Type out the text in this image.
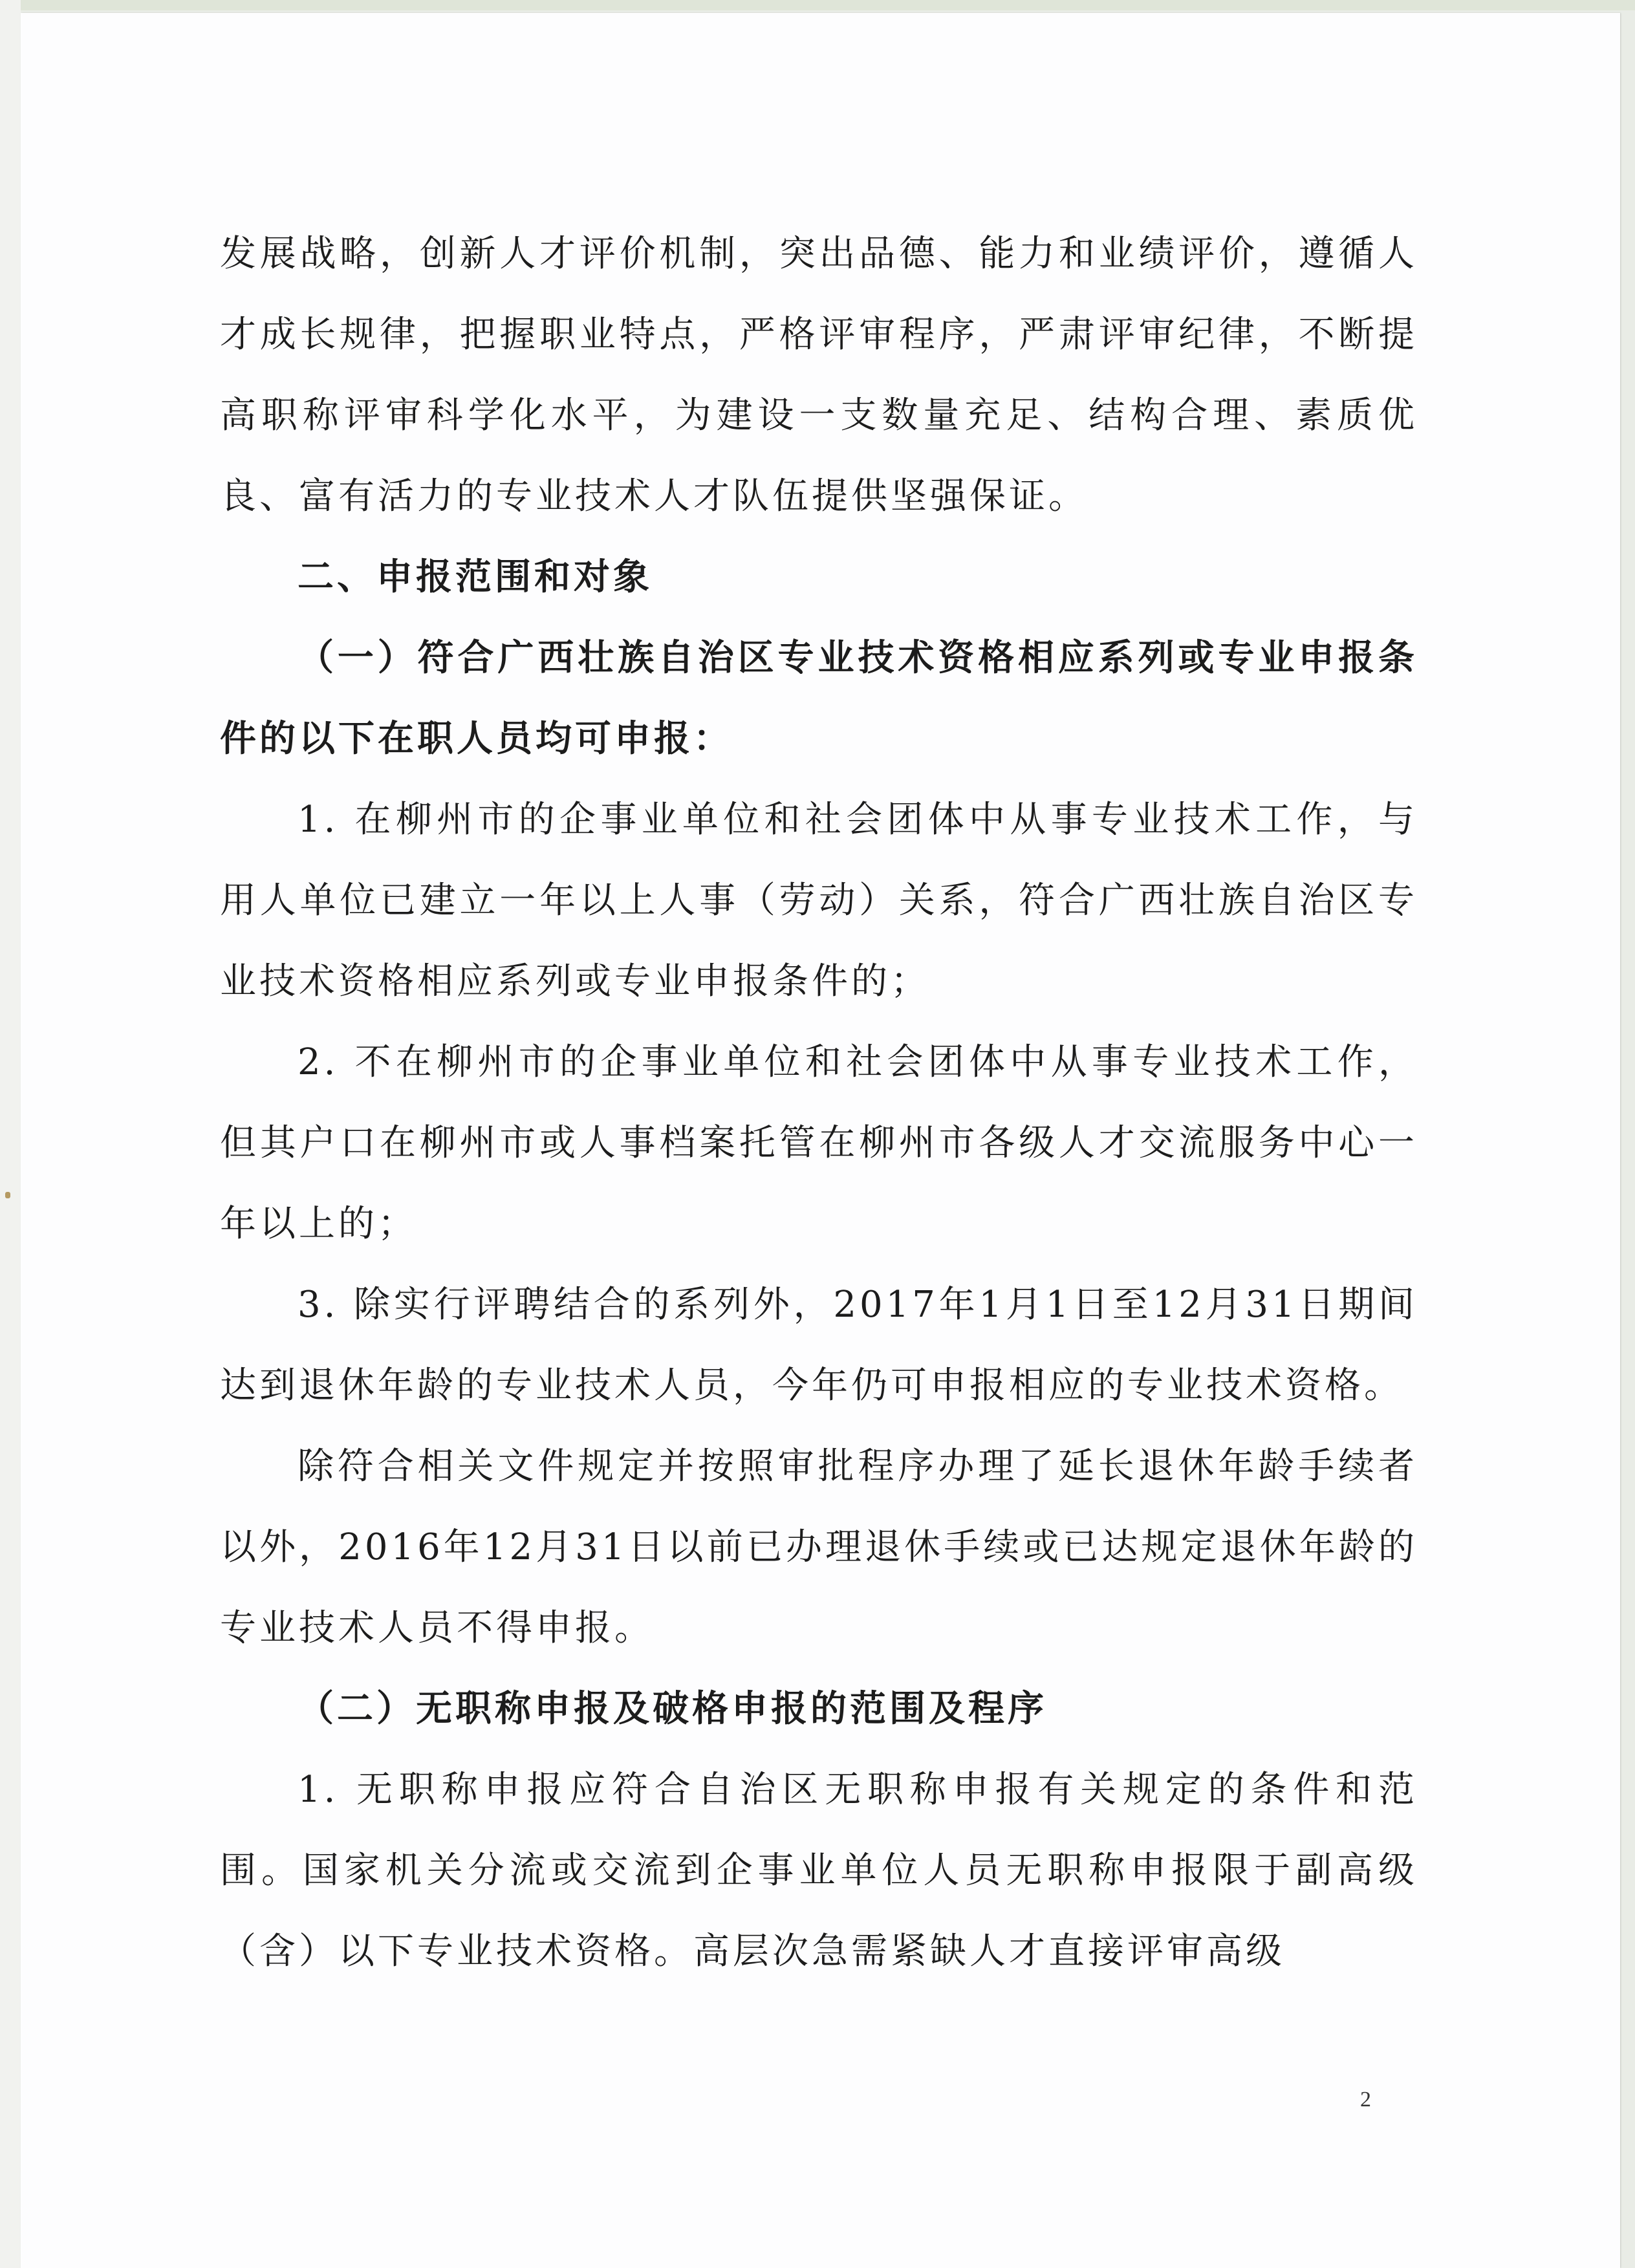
发展战略，创新人才评价机制，突出品德、能力和业绩评价，遵循人才成长规律，把握职业特点，严格评审程序，严肃评审纪律，不断提高职称评审科学化水平，为建设一支数量充足、结构合理、素质优良、富有活力的专业技术人才队伍提供坚强保证。

二、申报范围和对象

（一）符合广西壮族自治区专业技术资格相应系列或专业申报条件的以下在职人员均可申报：

1. 在柳州市的企事业单位和社会团体中从事专业技术工作，与用人单位已建立一年以上人事（劳动）关系，符合广西壮族自治区专业技术资格相应系列或专业申报条件的；

2. 不在柳州市的企事业单位和社会团体中从事专业技术工作，但其户口在柳州市或人事档案托管在柳州市各级人才交流服务中心一年以上的；

3. 除实行评聘结合的系列外，2017年1月1日至12月31日期间达到退休年龄的专业技术人员，今年仍可申报相应的专业技术资格。

除符合相关文件规定并按照审批程序办理了延长退休年龄手续者以外，2016年12月31日以前已办理退休手续或已达规定退休年龄的专业技术人员不得申报。

（二）无职称申报及破格申报的范围及程序

1. 无职称申报应符合自治区无职称申报有关规定的条件和范围。国家机关分流或交流到企事业单位人员无职称申报限于副高级（含）以下专业技术资格。高层次急需紧缺人才直接评审高级

2
